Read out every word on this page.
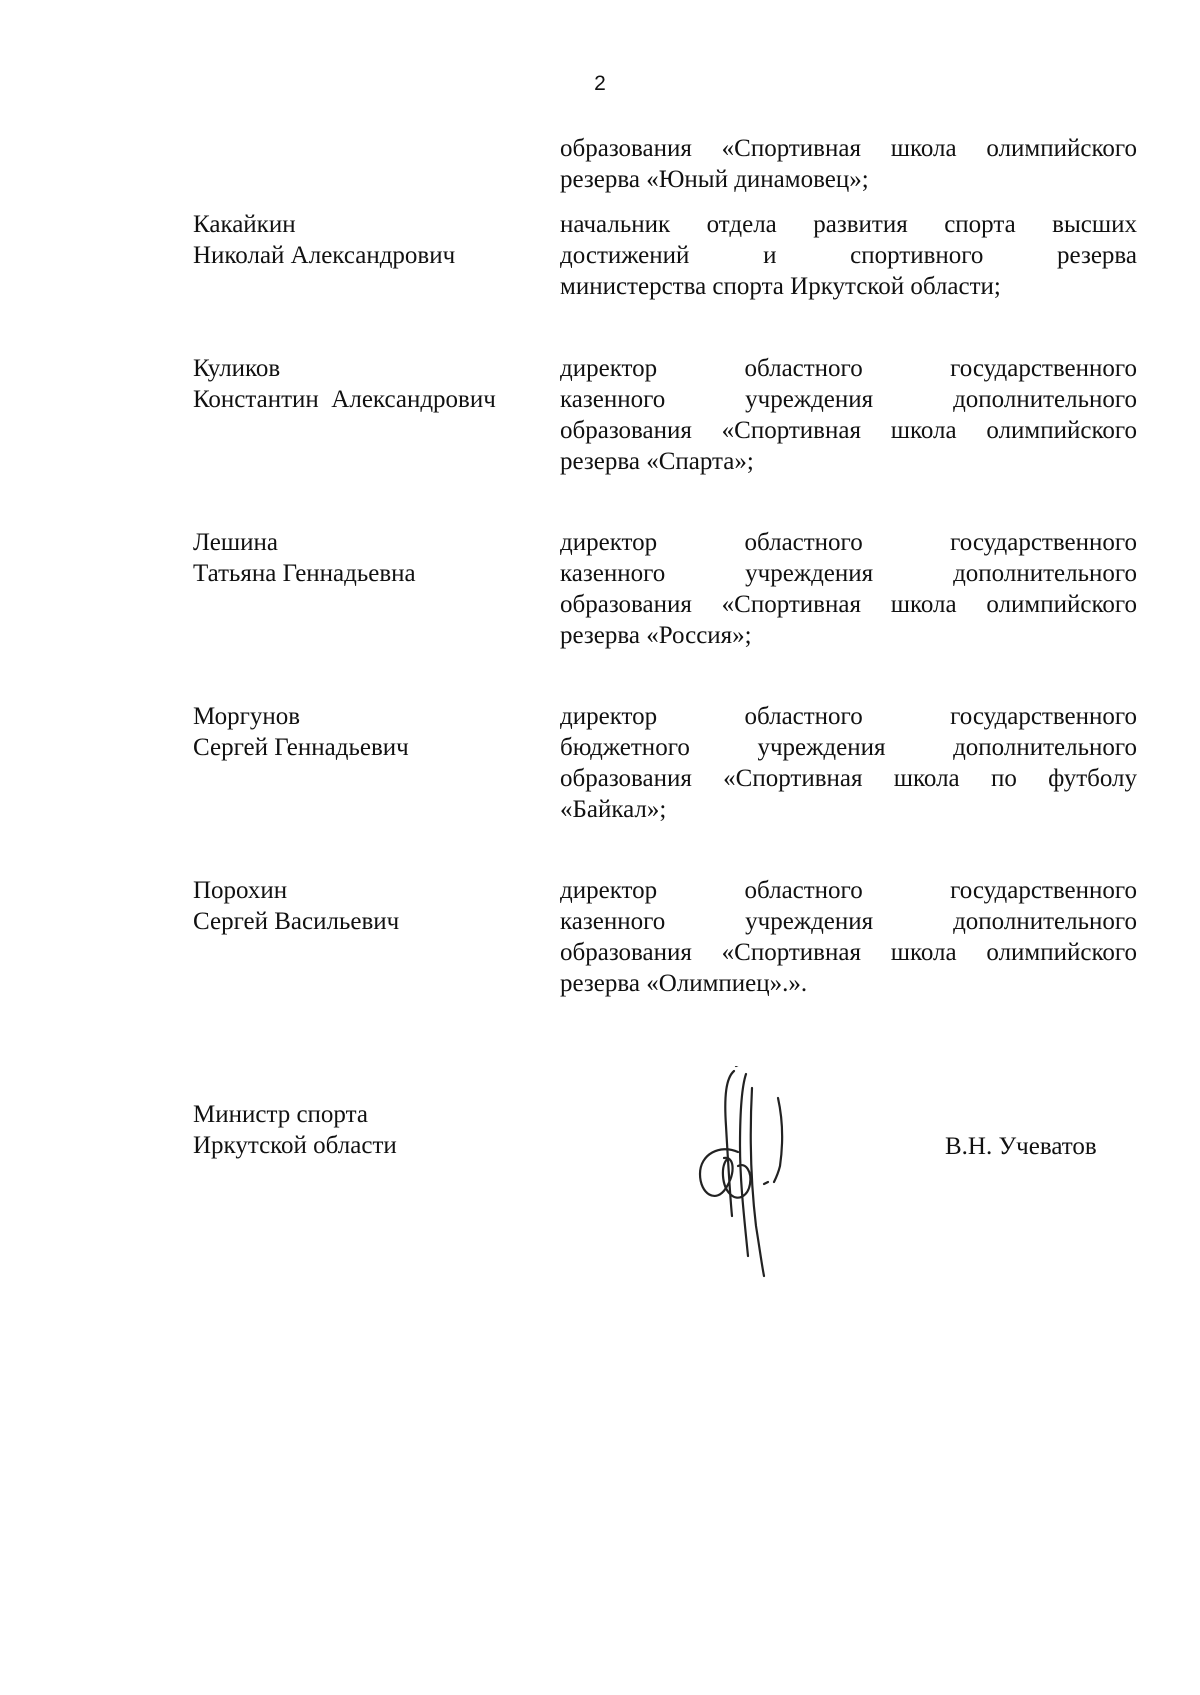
2
образования «Спортивная школа олимпийского
резерва «Юный динамовец»;
Какайкин
Николай Александрович
начальник отдела развития спорта высших
достижений и спортивного резерва
министерства спорта Иркутской области;
Куликов
Константин  Александрович
директор областного государственного
казенного учреждения дополнительного
образования «Спортивная школа олимпийского
резерва «Спарта»;
Лешина
Татьяна Геннадьевна
директор областного государственного
казенного учреждения дополнительного
образования «Спортивная школа олимпийского
резерва «Россия»;
Моргунов
Сергей Геннадьевич
директор областного государственного
бюджетного учреждения дополнительного
образования «Спортивная школа по футболу
«Байкал»;
Порохин
Сергей Васильевич
директор областного государственного
казенного учреждения дополнительного
образования «Спортивная школа олимпийского
резерва «Олимпиец».».
Министр спорта
Иркутской области	В.Н. Учеватов
